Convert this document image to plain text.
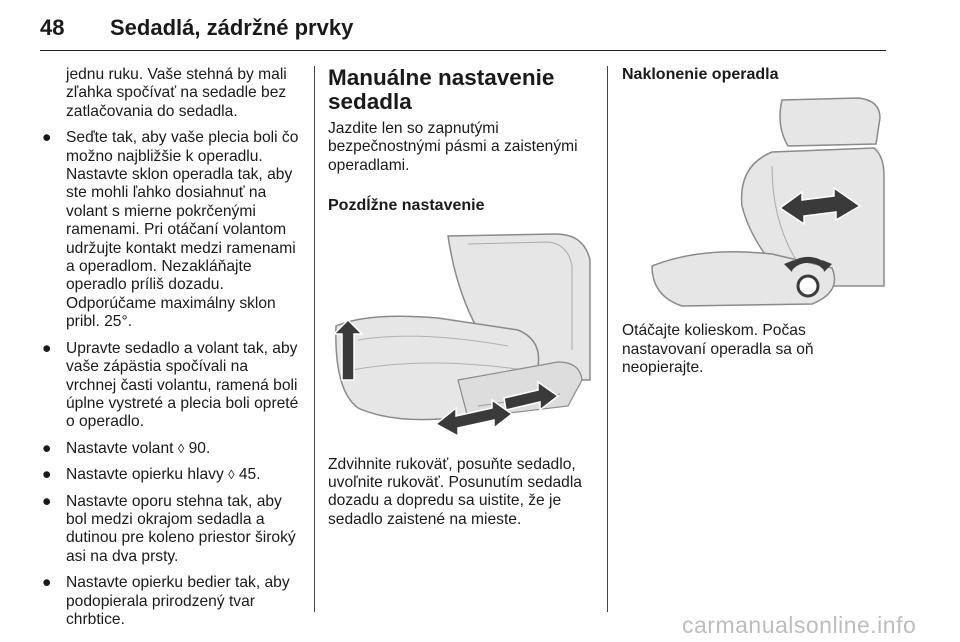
48 Sedadlá, zádržné prvky

jednu ruku. Vaše stehná by mali zľahka spočívať na sedadle bez zatlačovania do sedadla.

● Seďte tak, aby vaše plecia boli čo možno najbližšie k operadlu. Nastavte sklon operadla tak, aby ste mohli ľahko dosiahnuť na volant s mierne pokrčenými ramenami. Pri otáčaní volantom udržujte kontakt medzi ramenami a operadlom. Nezakláňajte operadlo príliš dozadu. Odporúčame maximálny sklon pribl. 25°.
● Upravte sedadlo a volant tak, aby vaše zápästia spočívali na vrchnej časti volantu, ramená boli úplne vystreté a plecia boli opreté o operadlo.
● Nastavte volant ◊ 90.
● Nastavte opierku hlavy ◊ 45.
● Nastavte oporu stehna tak, aby bol medzi okrajom sedadla a dutinou pre koleno priestor široký asi na dva prsty.
● Nastavte opierku bedier tak, aby podopierala prirodzený tvar chrbtice.
Manuálne nastavenie sedadla

Jazdite len so zapnutými bezpečnostnými pásmi a zaistenými operadlami.

Pozdĺžne nastavenie

Zdvihnite rukoväť, posuňte sedadlo, uvoľnite rukoväť. Posunutím sedadla dozadu a dopredu sa uistite, že je sedadlo zaistené na mieste.

Naklonenie operadla

Otáčajte kolieskom. Počas nastavovaní operadla sa oň neopierajte.

carmanualsonline.info
